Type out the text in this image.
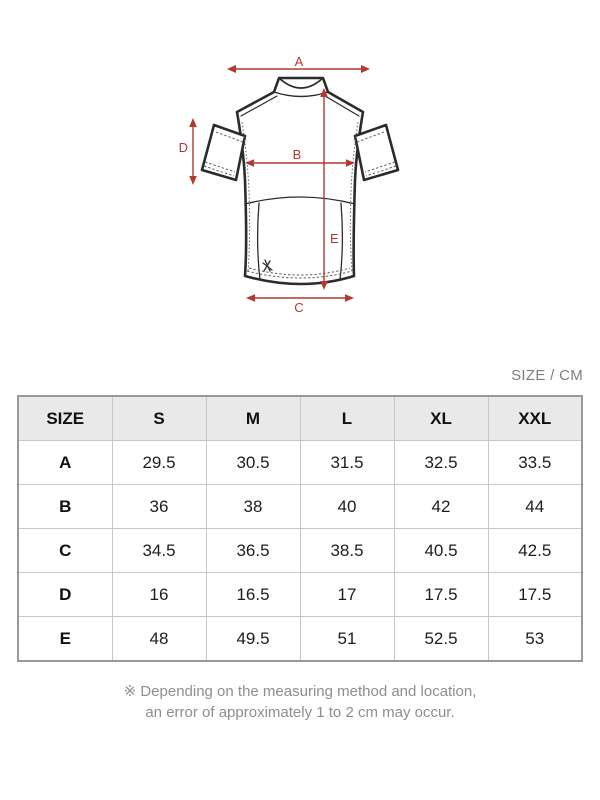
A
B
C
D
E
SIZE / CM
SIZE	S	M	L	XL	XXL
A	29.5	30.5	31.5	32.5	33.5
B	36	38	40	42	44
C	34.5	36.5	38.5	40.5	42.5
D	16	16.5	17	17.5	17.5
E	48	49.5	51	52.5	53
※ Depending on the measuring method and location,
an error of approximately 1 to 2 cm may occur.
